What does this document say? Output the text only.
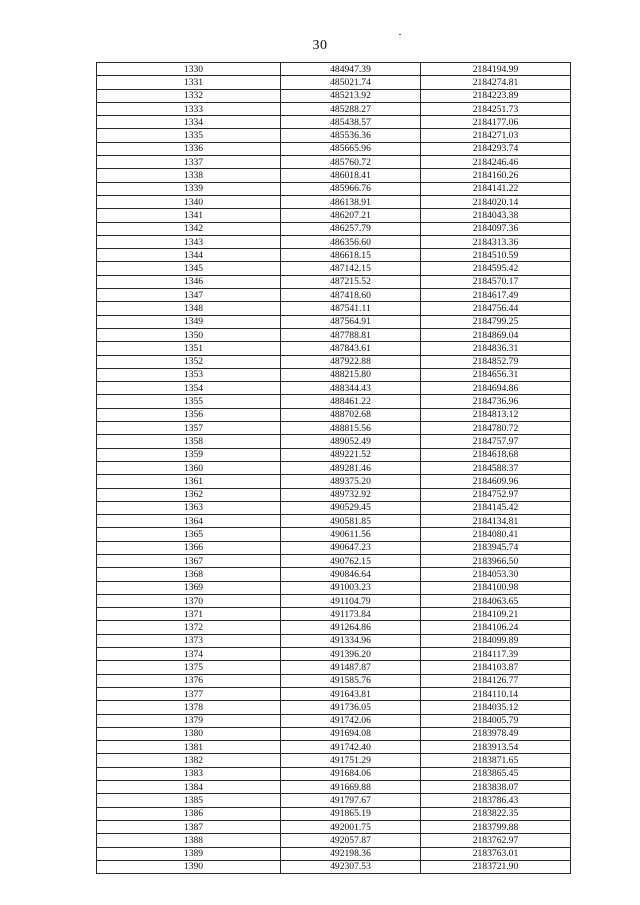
30
1330	484947.39	2184194.99
1331	485021.74	2184274.81
1332	485213.92	2184223.89
1333	485288.27	2184251.73
1334	485438.57	2184177.06
1335	485536.36	2184271.03
1336	485665.96	2184293.74
1337	485760.72	2184246.46
1338	486018.41	2184160.26
1339	485966.76	2184141.22
1340	486138.91	2184020.14
1341	486207.21	2184043.38
1342	486257.79	2184097.36
1343	486356.60	2184313.36
1344	486618.15	2184510.59
1345	487142.15	2184595.42
1346	487215.52	2184570.17
1347	487418.60	2184617.49
1348	487541.11	2184756.44
1349	487564.91	2184799.25
1350	487788.81	2184869.04
1351	487843.61	2184836.31
1352	487922.88	2184852.79
1353	488215.80	2184656.31
1354	488344.43	2184694.86
1355	488461.22	2184736.96
1356	488702.68	2184813.12
1357	488815.56	2184780.72
1358	489052.49	2184757.97
1359	489221.52	2184618.68
1360	489281.46	2184588.37
1361	489375.20	2184609.96
1362	489732.92	2184752.97
1363	490529.45	2184145.42
1364	490581.85	2184134.81
1365	490611.56	2184080.41
1366	490647.23	2183945.74
1367	490762.15	2183966.50
1368	490846.64	2184053.30
1369	491003.23	2184100.98
1370	491104.79	2184063.65
1371	491173.84	2184109.21
1372	491264.86	2184106.24
1373	491334.96	2184099.89
1374	491396.20	2184117.39
1375	491487.87	2184103.87
1376	491585.76	2184126.77
1377	491643.81	2184110.14
1378	491736.05	2184035.12
1379	491742.06	2184005.79
1380	491694.08	2183978.49
1381	491742.40	2183913.54
1382	491751.29	2183871.65
1383	491684.06	2183865.45
1384	491669.88	2183838.07
1385	491797.67	2183786.43
1386	491865.19	2183822.35
1387	492001.75	2183799.88
1388	492057.87	2183762.97
1389	492198.36	2183763.01
1390	492307.53	2183721.90
